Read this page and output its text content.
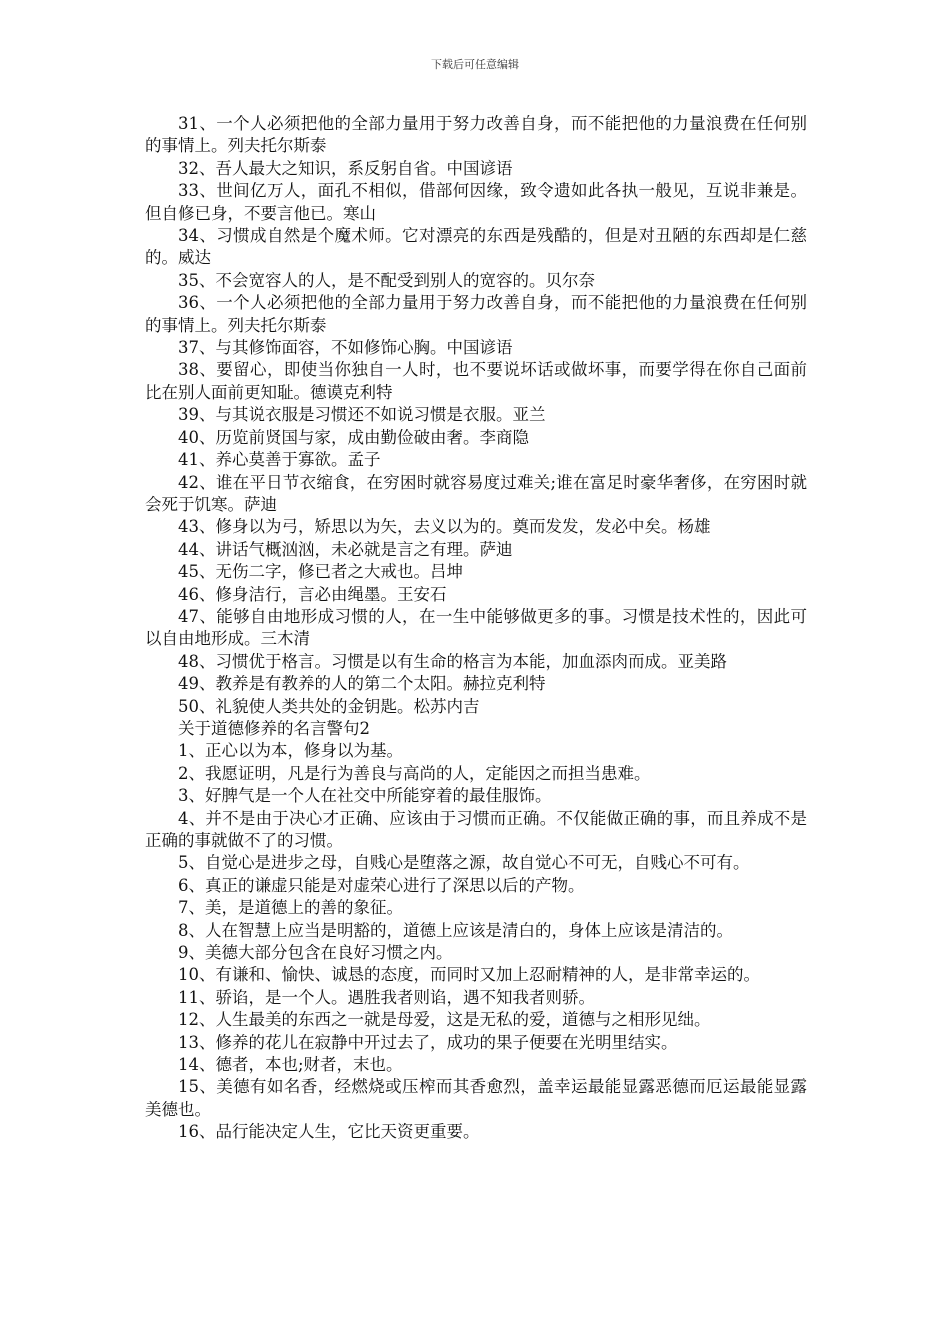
下载后可任意编辑

31、一个人必须把他的全部力量用于努力改善自身，而不能把他的力量浪费在任何别的事情上。列夫托尔斯泰

32、吾人最大之知识，系反躬自省。中国谚语

33、世间亿万人，面孔不相似，借部何因缘，致令遗如此各执一般见，互说非兼是。但自修已身，不要言他已。寒山

34、习惯成自然是个魔术师。它对漂亮的东西是残酷的，但是对丑陋的东西却是仁慈的。威达

35、不会宽容人的人，是不配受到别人的宽容的。贝尔奈

36、一个人必须把他的全部力量用于努力改善自身，而不能把他的力量浪费在任何别的事情上。列夫托尔斯泰

37、与其修饰面容，不如修饰心胸。中国谚语

38、要留心，即使当你独自一人时，也不要说坏话或做坏事，而要学得在你自己面前比在别人面前更知耻。德谟克利特

39、与其说衣服是习惯还不如说习惯是衣服。亚兰

40、历览前贤国与家，成由勤俭破由奢。李商隐

41、养心莫善于寡欲。孟子

42、谁在平日节衣缩食，在穷困时就容易度过难关;谁在富足时豪华奢侈，在穷困时就会死于饥寒。萨迪

43、修身以为弓，矫思以为矢，去义以为的。奠而发发，发必中矣。杨雄

44、讲话气概汹汹，未必就是言之有理。萨迪

45、无伤二字，修已者之大戒也。吕坤

46、修身洁行，言必由绳墨。王安石

47、能够自由地形成习惯的人，在一生中能够做更多的事。习惯是技术性的，因此可以自由地形成。三木清

48、习惯优于格言。习惯是以有生命的格言为本能，加血添肉而成。亚美路

49、教养是有教养的人的第二个太阳。赫拉克利特

50、礼貌使人类共处的金钥匙。松苏内吉

关于道德修养的名言警句2

1、正心以为本，修身以为基。

2、我愿证明，凡是行为善良与高尚的人，定能因之而担当患难。

3、好脾气是一个人在社交中所能穿着的最佳服饰。

4、并不是由于决心才正确、应该由于习惯而正确。不仅能做正确的事，而且养成不是正确的事就做不了的习惯。

5、自觉心是进步之母，自贱心是堕落之源，故自觉心不可无，自贱心不可有。

6、真正的谦虚只能是对虚荣心进行了深思以后的产物。

7、美，是道德上的善的象征。

8、人在智慧上应当是明豁的，道德上应该是清白的，身体上应该是清洁的。

9、美德大部分包含在良好习惯之内。

10、有谦和、愉快、诚恳的态度，而同时又加上忍耐精神的人，是非常幸运的。

11、骄谄，是一个人。遇胜我者则谄，遇不知我者则骄。

12、人生最美的东西之一就是母爱，这是无私的爱，道德与之相形见绌。

13、修养的花儿在寂静中开过去了，成功的果子便要在光明里结实。

14、德者，本也;财者，末也。

15、美德有如名香，经燃烧或压榨而其香愈烈，盖幸运最能显露恶德而厄运最能显露美德也。

16、品行能决定人生，它比天资更重要。
